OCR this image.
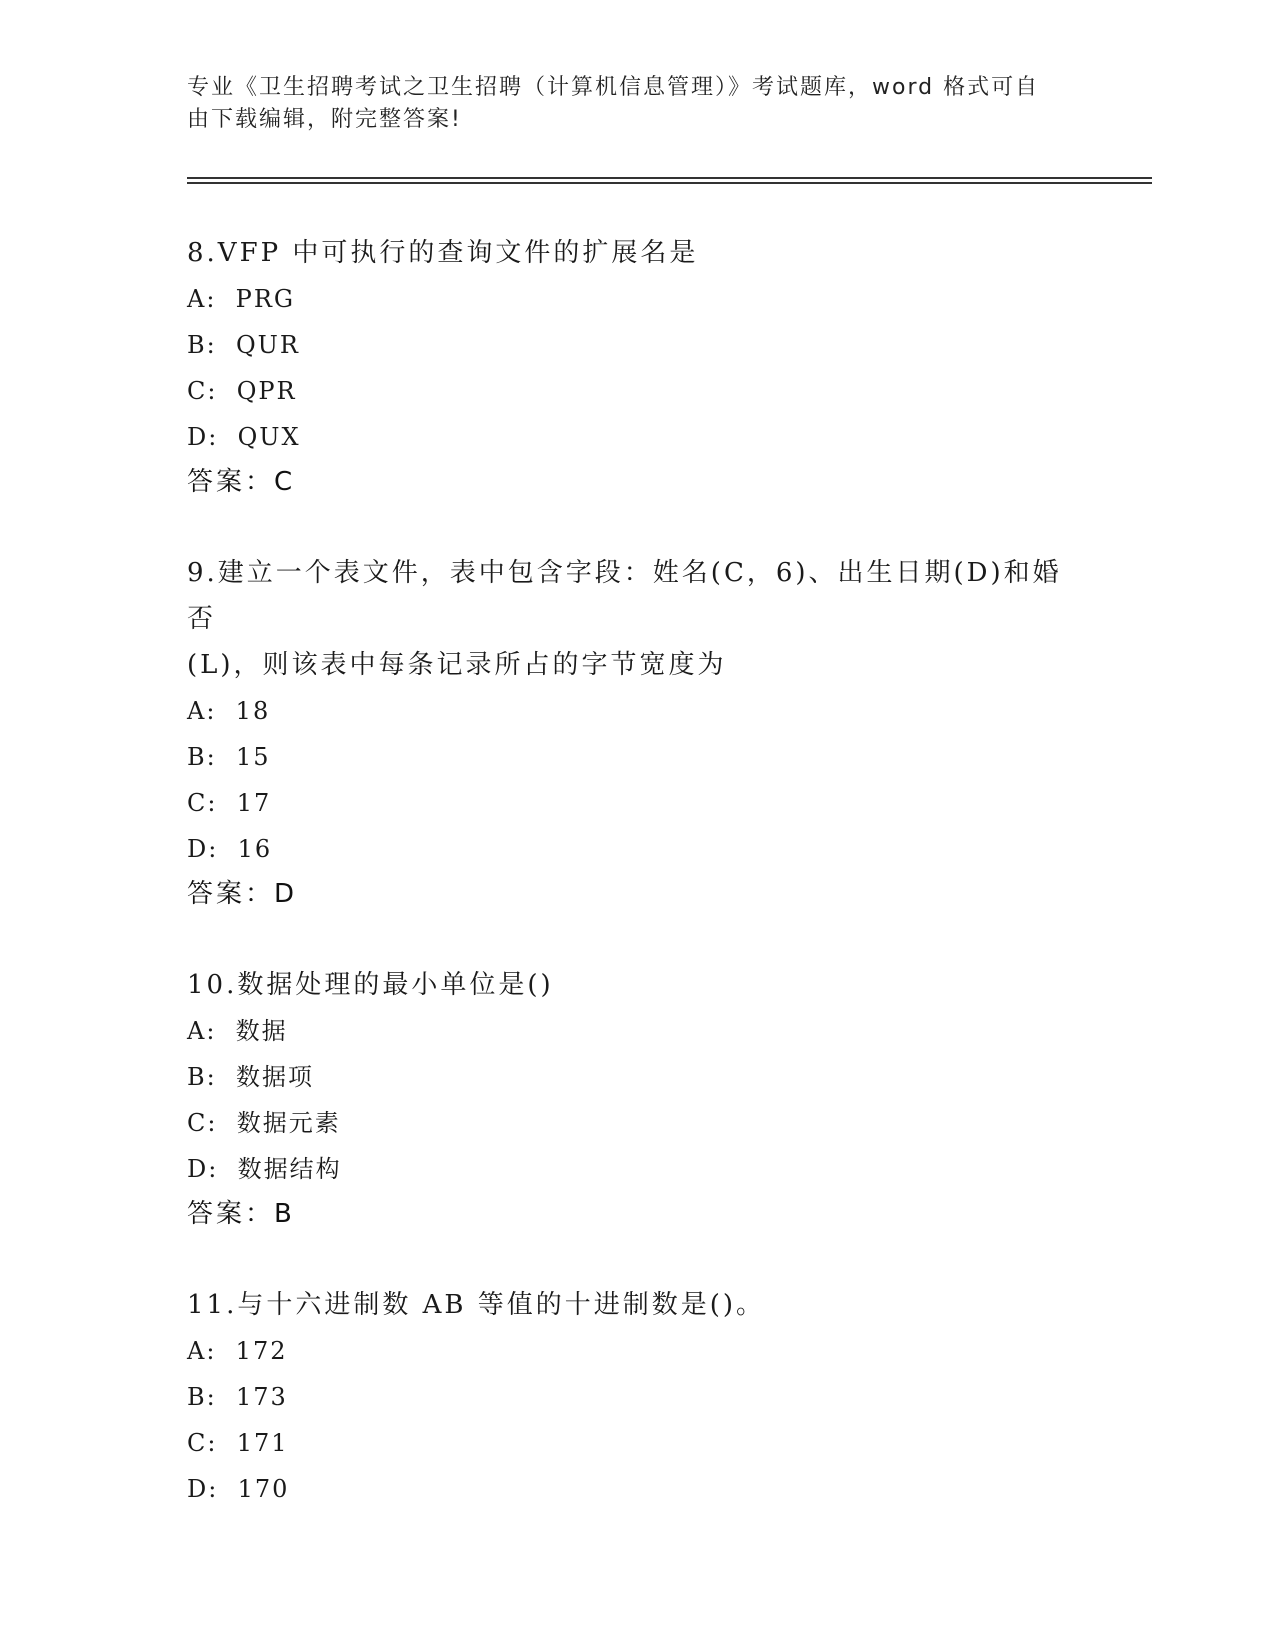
专业《卫生招聘考试之卫生招聘（计算机信息管理）》考试题库，word 格式可自
由下载编辑，附完整答案!
8.VFP 中可执行的查询文件的扩展名是
A:  PRG
B:  QUR
C:  QPR
D:  QUX
答案：C
9.建立一个表文件，表中包含字段：姓名(C，6)、出生日期(D)和婚否
(L)，则该表中每条记录所占的字节宽度为
A:  18
B:  15
C:  17
D:  16
答案：D
10.数据处理的最小单位是()
A:  数据
B:  数据项
C:  数据元素
D:  数据结构
答案：B
11.与十六进制数 AB 等值的十进制数是()。
A:  172
B:  173
C:  171
D:  170
